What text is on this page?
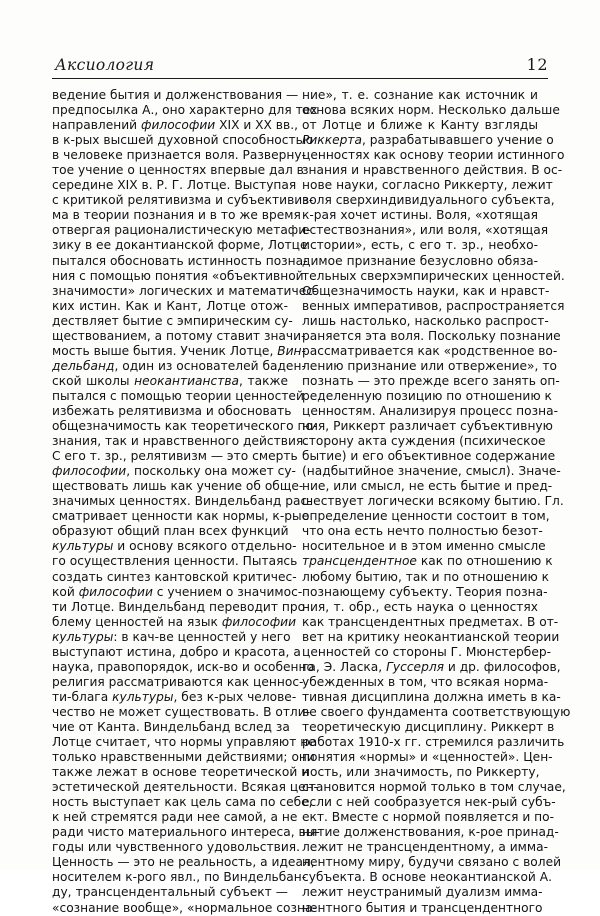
Аксиология	12

ведение бытия и долженствования —
предпосылка А., оно характерно для тех
направлений философии XIX и XX вв.,
в к-рых высшей духовной способностью
в человеке признается воля. Разверну-
тое учение о ценностях впервые дал в
середине XIX в. Р. Г. Лотце. Выступая
с критикой релятивизма и субъективиз-
ма в теории познания и в то же время
отвергая рационалистическую метафи-
зику в ее докантианской форме, Лотце
пытался обосновать истинность позна-
ния с помощью понятия «объективной
значимости» логических и математичес-
ких истин. Как и Кант, Лотце отож-
дествляет бытие с эмпирическим су-
ществованием, а потому ставит значи-
мость выше бытия. Ученик Лотце, Вин-
дельбанд, один из основателей баден-
ской школы неокантианства, также
пытался с помощью теории ценностей
избежать релятивизма и обосновать
общезначимость как теоретического по-
знания, так и нравственного действия.
С его т. зр., релятивизм — это смерть
философии, поскольку она может су-
ществовать лишь как учение об обще-
значимых ценностях. Виндельбанд рас-
сматривает ценности как нормы, к-рые
образуют общий план всех функций
культуры и основу всякого отдельно-
го осуществления ценности. Пытаясь
создать синтез кантовской критичес-
кой философии с учением о значимос-
ти Лотце. Виндельбанд переводит про-
блему ценностей на язык философии
культуры: в кач-ве ценностей у него
выступают истина, добро и красота, а
наука, правопорядок, иск-во и особенно
религия рассматриваются как ценнос-
ти-блага культуры, без к-рых челове-
чество не может существовать. В отли-
чие от Канта. Виндельбанд вслед за
Лотце считает, что нормы управляют не
только нравственными действиями; они
также лежат в основе теоретической и
эстетической деятельности. Всякая цен-
ность выступает как цель сама по себе,
к ней стремятся ради нее самой, а не
ради чисто материального интереса, вы-
годы или чувственного удовольствия.
Ценность — это не реальность, а идеал,
носителем к-рого явл., по Виндельбан-
ду, трансцендентальный субъект —
«сознание вообще», «нормальное созна-

ние», т. е. сознание как источник и
основа всяких норм. Несколько дальше
от Лотце и ближе к Канту взгляды
Риккерта, разрабатывавшего учение о
ценностях как основу теории истинного
знания и нравственного действия. В ос-
нове науки, согласно Риккерту, лежит
воля сверхиндивидуального субъекта,
к-рая хочет истины. Воля, «хотящая
естествознания», или воля, «хотящая
истории», есть, с его т. зр., необхо-
димое признание безусловно обяза-
тельных сверхэмпирических ценностей.
Общезначимость науки, как и нравст-
венных императивов, распространяется
лишь настолько, насколько распрост-
раняется эта воля. Поскольку познание
рассматривается как «родственное во-
лению признание или отвержение», то
познать — это прежде всего занять оп-
ределенную позицию по отношению к
ценностям. Анализируя процесс позна-
ния, Риккерт различает субъективную
сторону акта суждения (психическое
бытие) и его объективное содержание
(надбытийное значение, смысл). Значе-
ние, или смысл, не есть бытие и пред-
шествует логически всякому бытию. Гл.
определение ценности состоит в том,
что она есть нечто полностью безот-
носительное и в этом именно смысле
трансцендентное как по отношению к
любому бытию, так и по отношению к
познающему субъекту. Теория позна-
ния, т. обр., есть наука о ценностях
как трансцендентных предметах. В от-
вет на критику неокантианской теории
ценностей со стороны Г. Мюнстербер-
га, Э. Ласка, Гуссерля и др. философов,
убежденных в том, что всякая норма-
тивная дисциплина должна иметь в ка-
ве своего фундамента соответствующую
теоретическую дисциплину. Риккерт в
работах 1910-х гг. стремился различить
понятия «нормы» и «ценностей». Цен-
ность, или значимость, по Риккерту,
становится нормой только в том случае,
если с ней сообразуется нек-рый субъ-
ект. Вместе с нормой появляется и по-
нятие долженствования, к-рое принад-
лежит не трансцендентному, а имма-
нентному миру, будучи связано с волей
субъекта. В основе неокантианской А.
лежит неустранимый дуализм имма-
нентного бытия и трансцендентного
